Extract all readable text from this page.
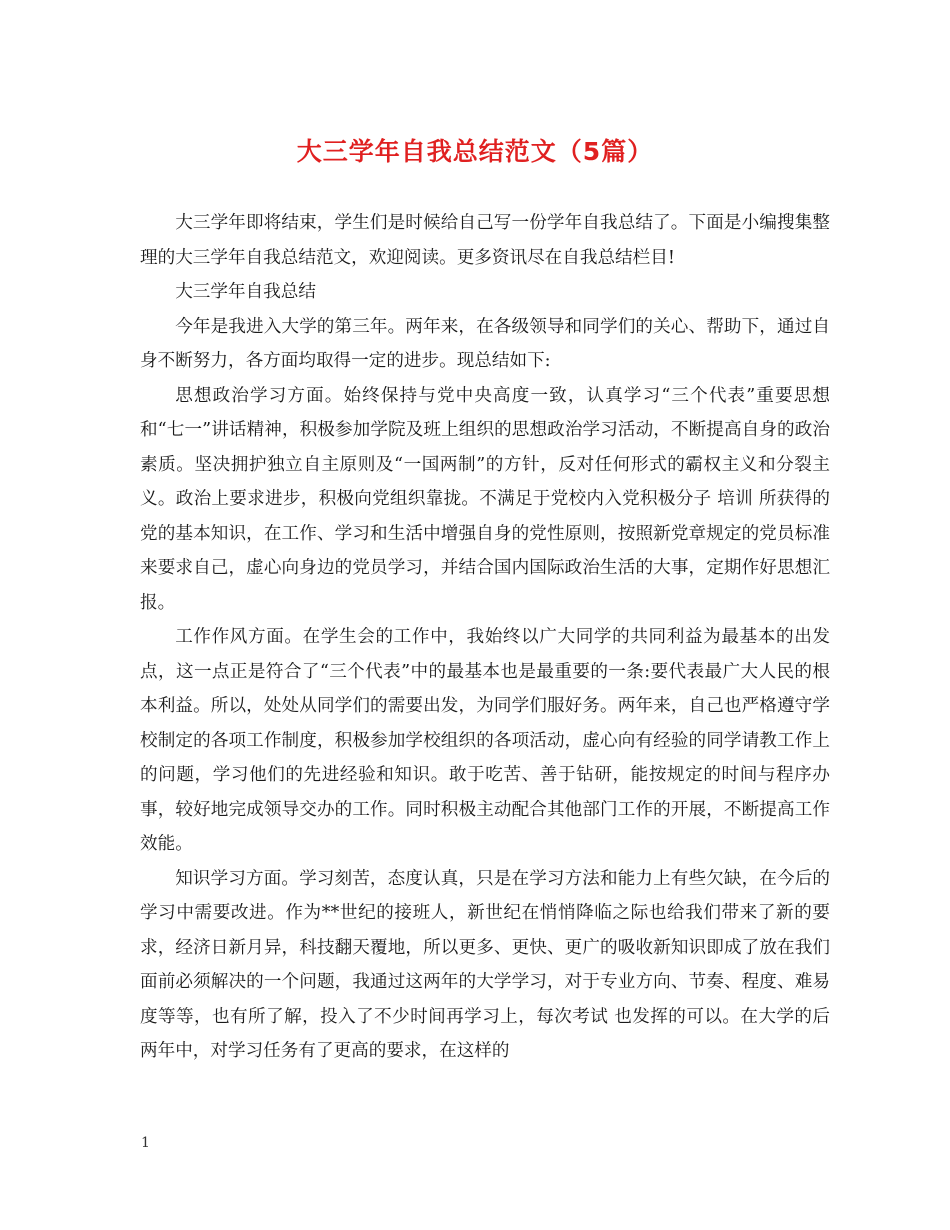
大三学年自我总结范文（5篇）

大三学年即将结束，学生们是时候给自己写一份学年自我总结了。下面是小编搜集整理的大三学年自我总结范文，欢迎阅读。更多资讯尽在自我总结栏目!

大三学年自我总结

今年是我进入大学的第三年。两年来，在各级领导和同学们的关心、帮助下，通过自身不断努力，各方面均取得一定的进步。现总结如下:

思想政治学习方面。始终保持与党中央高度一致，认真学习“三个代表”重要思想和“七一”讲话精神，积极参加学院及班上组织的思想政治学习活动，不断提高自身的政治素质。坚决拥护独立自主原则及“一国两制”的方针，反对任何形式的霸权主义和分裂主义。政治上要求进步，积极向党组织靠拢。不满足于党校内入党积极分子 培训 所获得的党的基本知识，在工作、学习和生活中增强自身的党性原则，按照新党章规定的党员标准来要求自己，虚心向身边的党员学习，并结合国内国际政治生活的大事，定期作好思想汇报。

工作作风方面。在学生会的工作中，我始终以广大同学的共同利益为最基本的出发点，这一点正是符合了“三个代表”中的最基本也是最重要的一条:要代表最广大人民的根本利益。所以，处处从同学们的需要出发，为同学们服好务。两年来，自己也严格遵守学校制定的各项工作制度，积极参加学校组织的各项活动，虚心向有经验的同学请教工作上的问题，学习他们的先进经验和知识。敢于吃苦、善于钻研，能按规定的时间与程序办事，较好地完成领导交办的工作。同时积极主动配合其他部门工作的开展，不断提高工作效能。

知识学习方面。学习刻苦，态度认真，只是在学习方法和能力上有些欠缺，在今后的学习中需要改进。作为**世纪的接班人，新世纪在悄悄降临之际也给我们带来了新的要求，经济日新月异，科技翻天覆地，所以更多、更快、更广的吸收新知识即成了放在我们面前必须解决的一个问题，我通过这两年的大学学习，对于专业方向、节奏、程度、难易度等等，也有所了解，投入了不少时间再学习上，每次考试 也发挥的可以。在大学的后两年中，对学习任务有了更高的要求，在这样的

1
